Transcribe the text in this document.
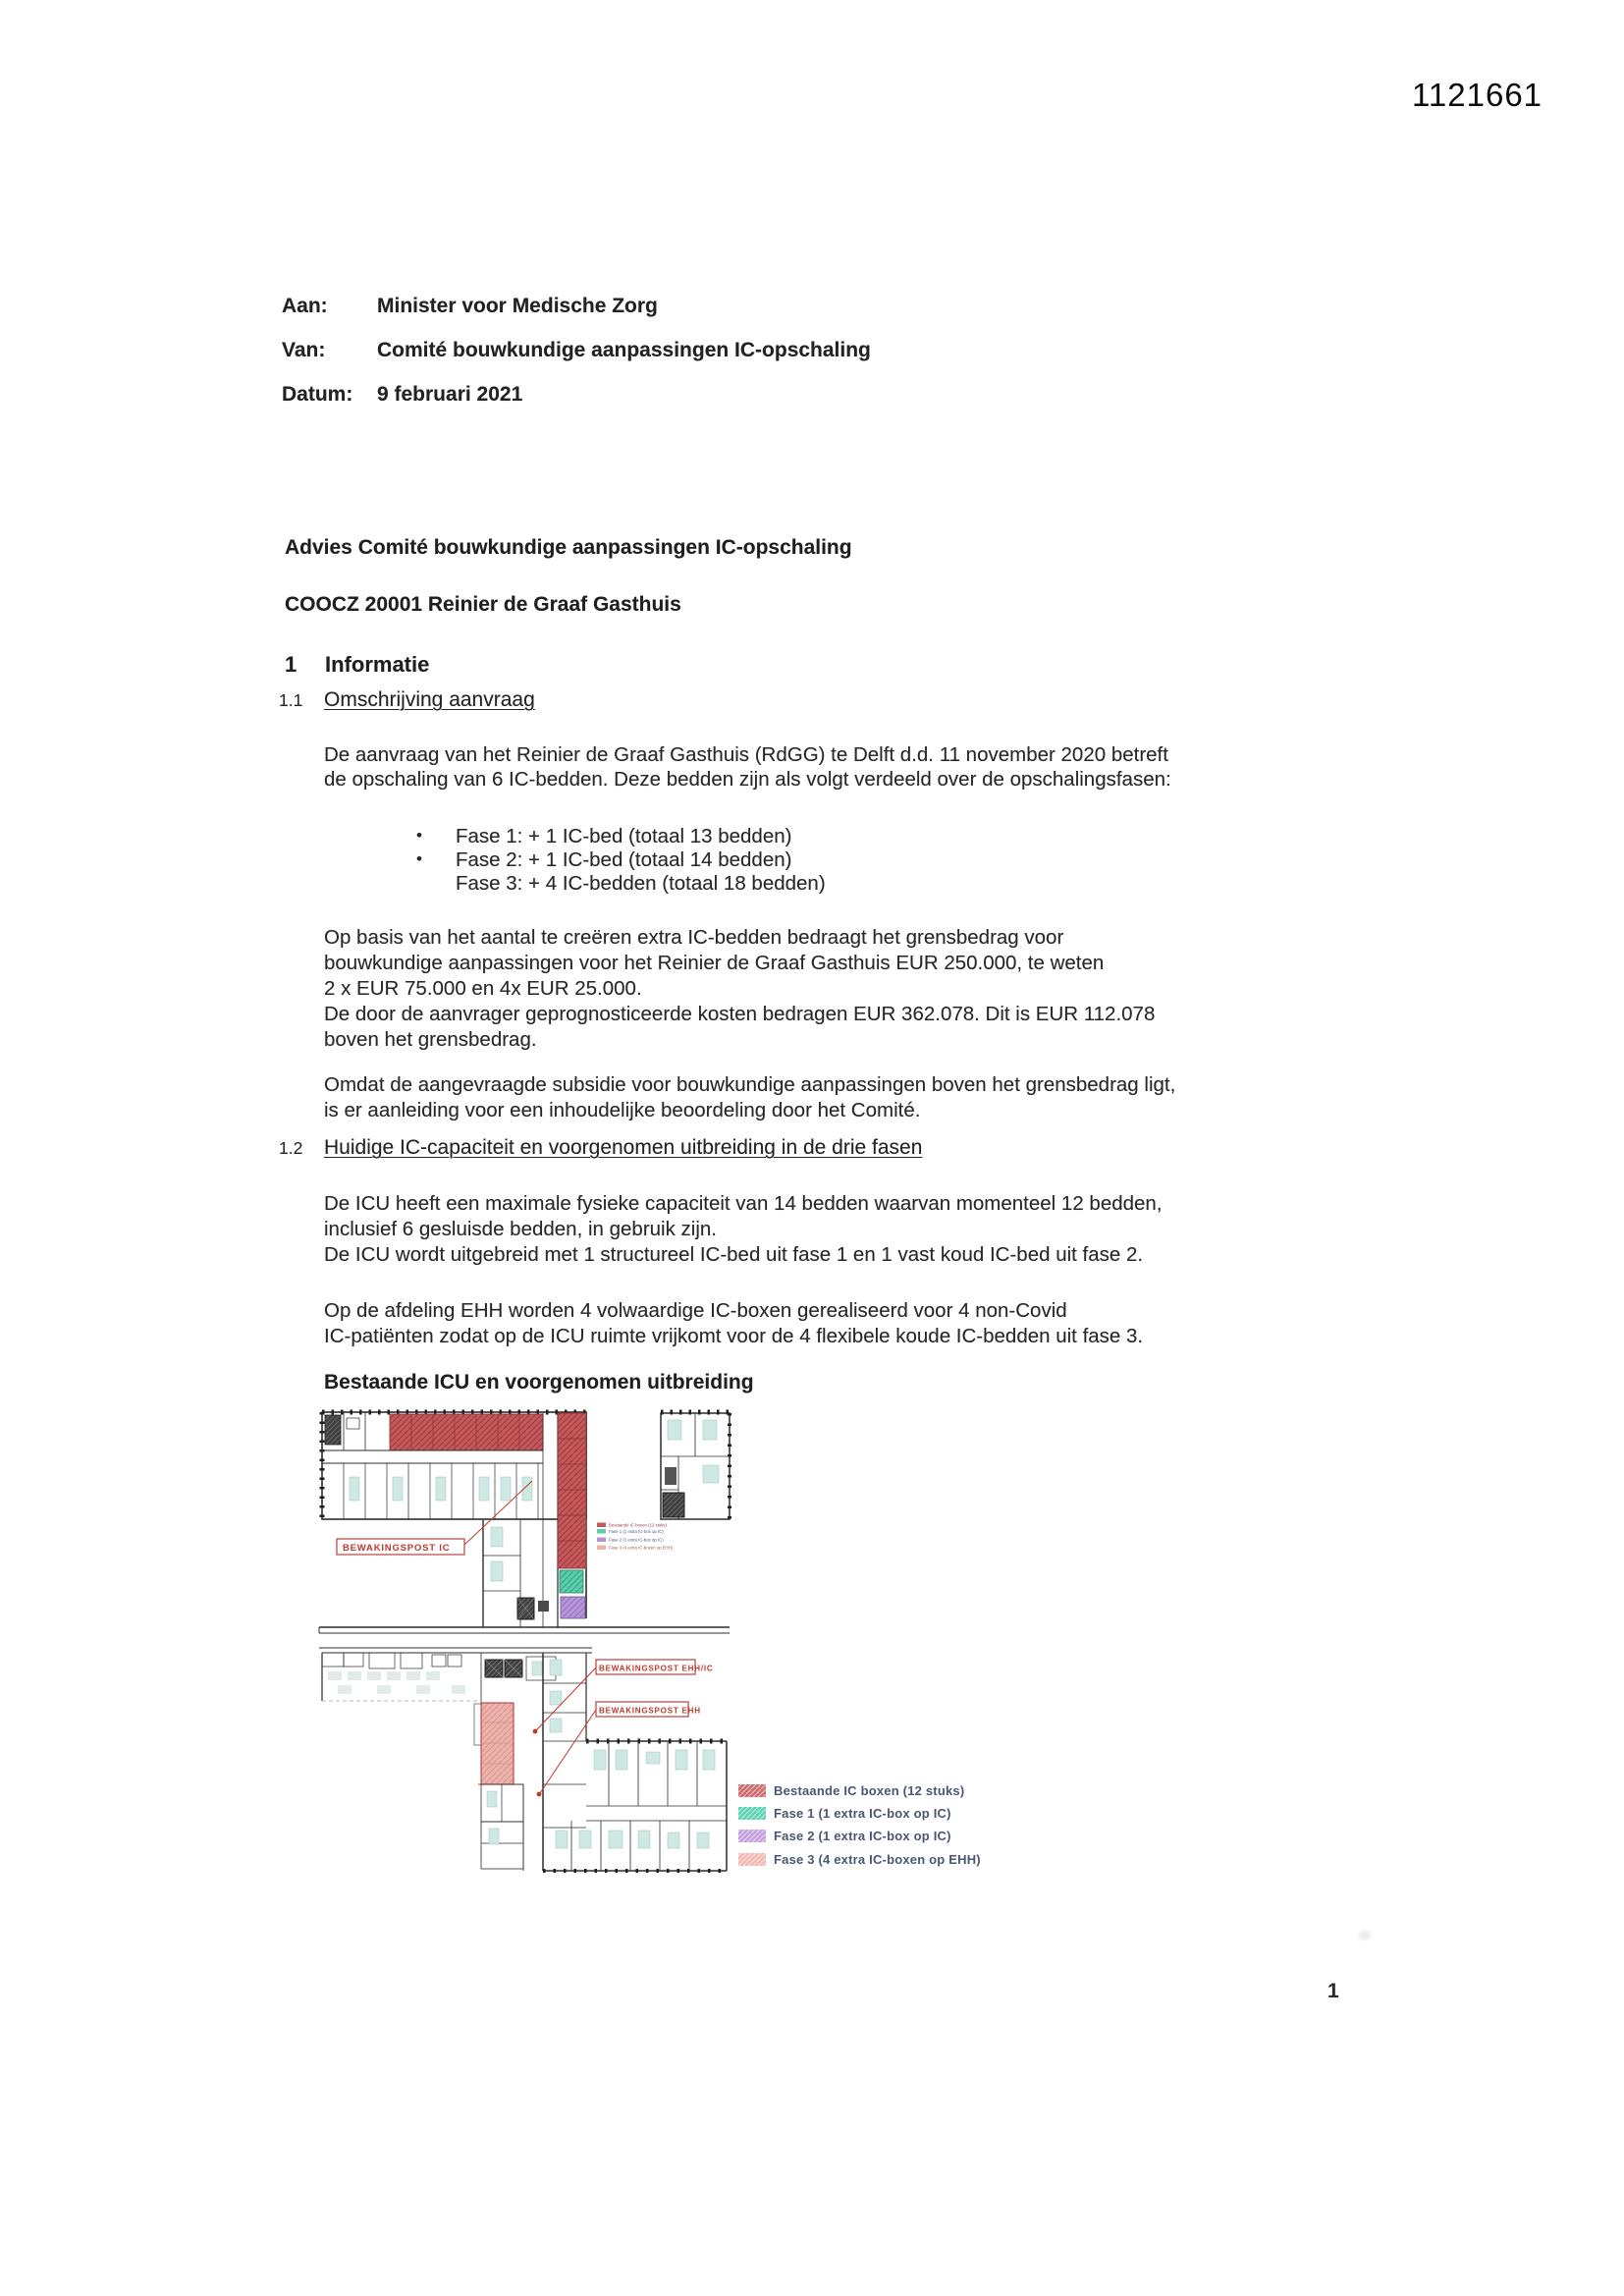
1121661
Aan:	Minister voor Medische Zorg
Van:	Comité bouwkundige aanpassingen IC-opschaling
Datum:	9 februari 2021
Advies Comité bouwkundige aanpassingen IC-opschaling
COOCZ 20001 Reinier de Graaf Gasthuis
1	Informatie
1.1	Omschrijving aanvraag
De aanvraag van het Reinier de Graaf Gasthuis (RdGG) te Delft d.d. 11 november 2020 betreft
de opschaling van 6 IC-bedden. Deze bedden zijn als volgt verdeeld over de opschalingsfasen:
•	Fase 1: + 1 IC-bed (totaal 13 bedden)
•	Fase 2: + 1 IC-bed (totaal 14 bedden)
Fase 3: + 4 IC-bedden (totaal 18 bedden)
Op basis van het aantal te creëren extra IC-bedden bedraagt het grensbedrag voor
bouwkundige aanpassingen voor het Reinier de Graaf Gasthuis EUR 250.000, te weten
2 x EUR 75.000 en 4x EUR 25.000.
De door de aanvrager geprognosticeerde kosten bedragen EUR 362.078. Dit is EUR 112.078
boven het grensbedrag.
Omdat de aangevraagde subsidie voor bouwkundige aanpassingen boven het grensbedrag ligt,
is er aanleiding voor een inhoudelijke beoordeling door het Comité.
1.2	Huidige IC-capaciteit en voorgenomen uitbreiding in de drie fasen
De ICU heeft een maximale fysieke capaciteit van 14 bedden waarvan momenteel 12 bedden,
inclusief 6 gesluisde bedden, in gebruik zijn.
De ICU wordt uitgebreid met 1 structureel IC-bed uit fase 1 en 1 vast koud IC-bed uit fase 2.
Op de afdeling EHH worden 4 volwaardige IC-boxen gerealiseerd voor 4 non-Covid
IC-patiënten zodat op de ICU ruimte vrijkomt voor de 4 flexibele koude IC-bedden uit fase 3.
Bestaande ICU en voorgenomen uitbreiding
Bestaande IC boxen (12 stuks)
Fase 1 (1 extra IC-box op IC)
Fase 2 (1 extra IC-box op IC)
Fase 3 (4 extra IC-boxen op EHH)
BEWAKINGSPOST IC
BEWAKINGSPOST EHH/IC
BEWAKINGSPOST EHH
Bestaande IC boxen (12 stuks)
Fase 1 (1 extra IC-box op IC)
Fase 2 (1 extra IC-box op IC)
Fase 3 (4 extra IC-boxen op EHH)
1
